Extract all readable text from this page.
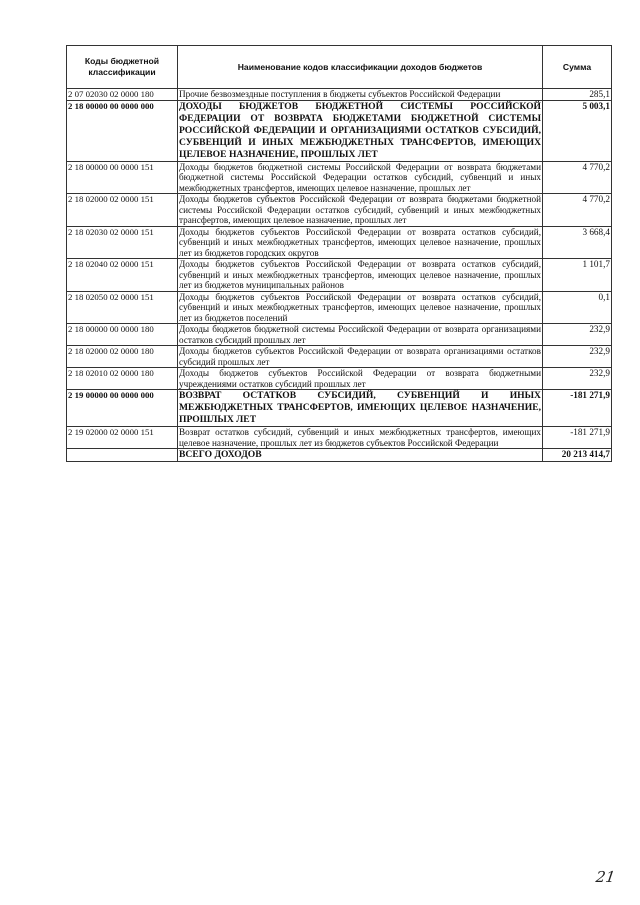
Коды бюджетной классификации	Наименование кодов классификации доходов бюджетов	Сумма
2 07 02030 02 0000 180	Прочие безвозмездные поступления в бюджеты субъектов Российской Федерации	285,1
2 18 00000 00 0000 000	ДОХОДЫ БЮДЖЕТОВ БЮДЖЕТНОЙ СИСТЕМЫ РОССИЙСКОЙ ФЕДЕРАЦИИ ОТ ВОЗВРАТА БЮДЖЕТАМИ БЮДЖЕТНОЙ СИСТЕМЫ РОССИЙСКОЙ ФЕДЕРАЦИИ И ОРГАНИЗАЦИЯМИ ОСТАТКОВ СУБСИДИЙ, СУБВЕНЦИЙ И ИНЫХ МЕЖБЮДЖЕТНЫХ ТРАНСФЕРТОВ, ИМЕЮЩИХ ЦЕЛЕВОЕ НАЗНАЧЕНИЕ, ПРОШЛЫХ ЛЕТ	5 003,1
2 18 00000 00 0000 151	Доходы бюджетов бюджетной системы Российской Федерации от возврата бюджетами бюджетной системы Российской Федерации остатков субсидий, субвенций и иных межбюджетных трансфертов, имеющих целевое назначение, прошлых лет	4 770,2
2 18 02000 02 0000 151	Доходы бюджетов субъектов Российской Федерации от возврата бюджетами бюджетной системы Российской Федерации остатков субсидий, субвенций и иных межбюджетных трансфертов, имеющих целевое назначение, прошлых лет	4 770,2
2 18 02030 02 0000 151	Доходы бюджетов субъектов Российской Федерации от возврата остатков субсидий, субвенций и иных межбюджетных трансфертов, имеющих целевое назначение, прошлых лет из бюджетов городских округов	3 668,4
2 18 02040 02 0000 151	Доходы бюджетов субъектов Российской Федерации от возврата остатков субсидий, субвенций и иных межбюджетных трансфертов, имеющих целевое назначение, прошлых лет из бюджетов муниципальных районов	1 101,7
2 18 02050 02 0000 151	Доходы бюджетов субъектов Российской Федерации от возврата остатков субсидий, субвенций и иных межбюджетных трансфертов, имеющих целевое назначение, прошлых лет из бюджетов поселений	0,1
2 18 00000 00 0000 180	Доходы бюджетов бюджетной системы Российской Федерации от возврата организациями остатков субсидий прошлых лет	232,9
2 18 02000 02 0000 180	Доходы бюджетов субъектов Российской Федерации от возврата организациями остатков субсидий прошлых лет	232,9
2 18 02010 02 0000 180	Доходы бюджетов субъектов Российской Федерации от возврата бюджетными учреждениями остатков субсидий прошлых лет	232,9
2 19 00000 00 0000 000	ВОЗВРАТ ОСТАТКОВ СУБСИДИЙ, СУБВЕНЦИЙ И ИНЫХ МЕЖБЮДЖЕТНЫХ ТРАНСФЕРТОВ, ИМЕЮЩИХ ЦЕЛЕВОЕ НАЗНАЧЕНИЕ, ПРОШЛЫХ ЛЕТ	-181 271,9
2 19 02000 02 0000 151	Возврат остатков субсидий, субвенций и иных межбюджетных трансфертов, имеющих целевое назначение, прошлых лет из бюджетов субъектов Российской Федерации	-181 271,9
	ВСЕГО ДОХОДОВ	20 213 414,7
21
